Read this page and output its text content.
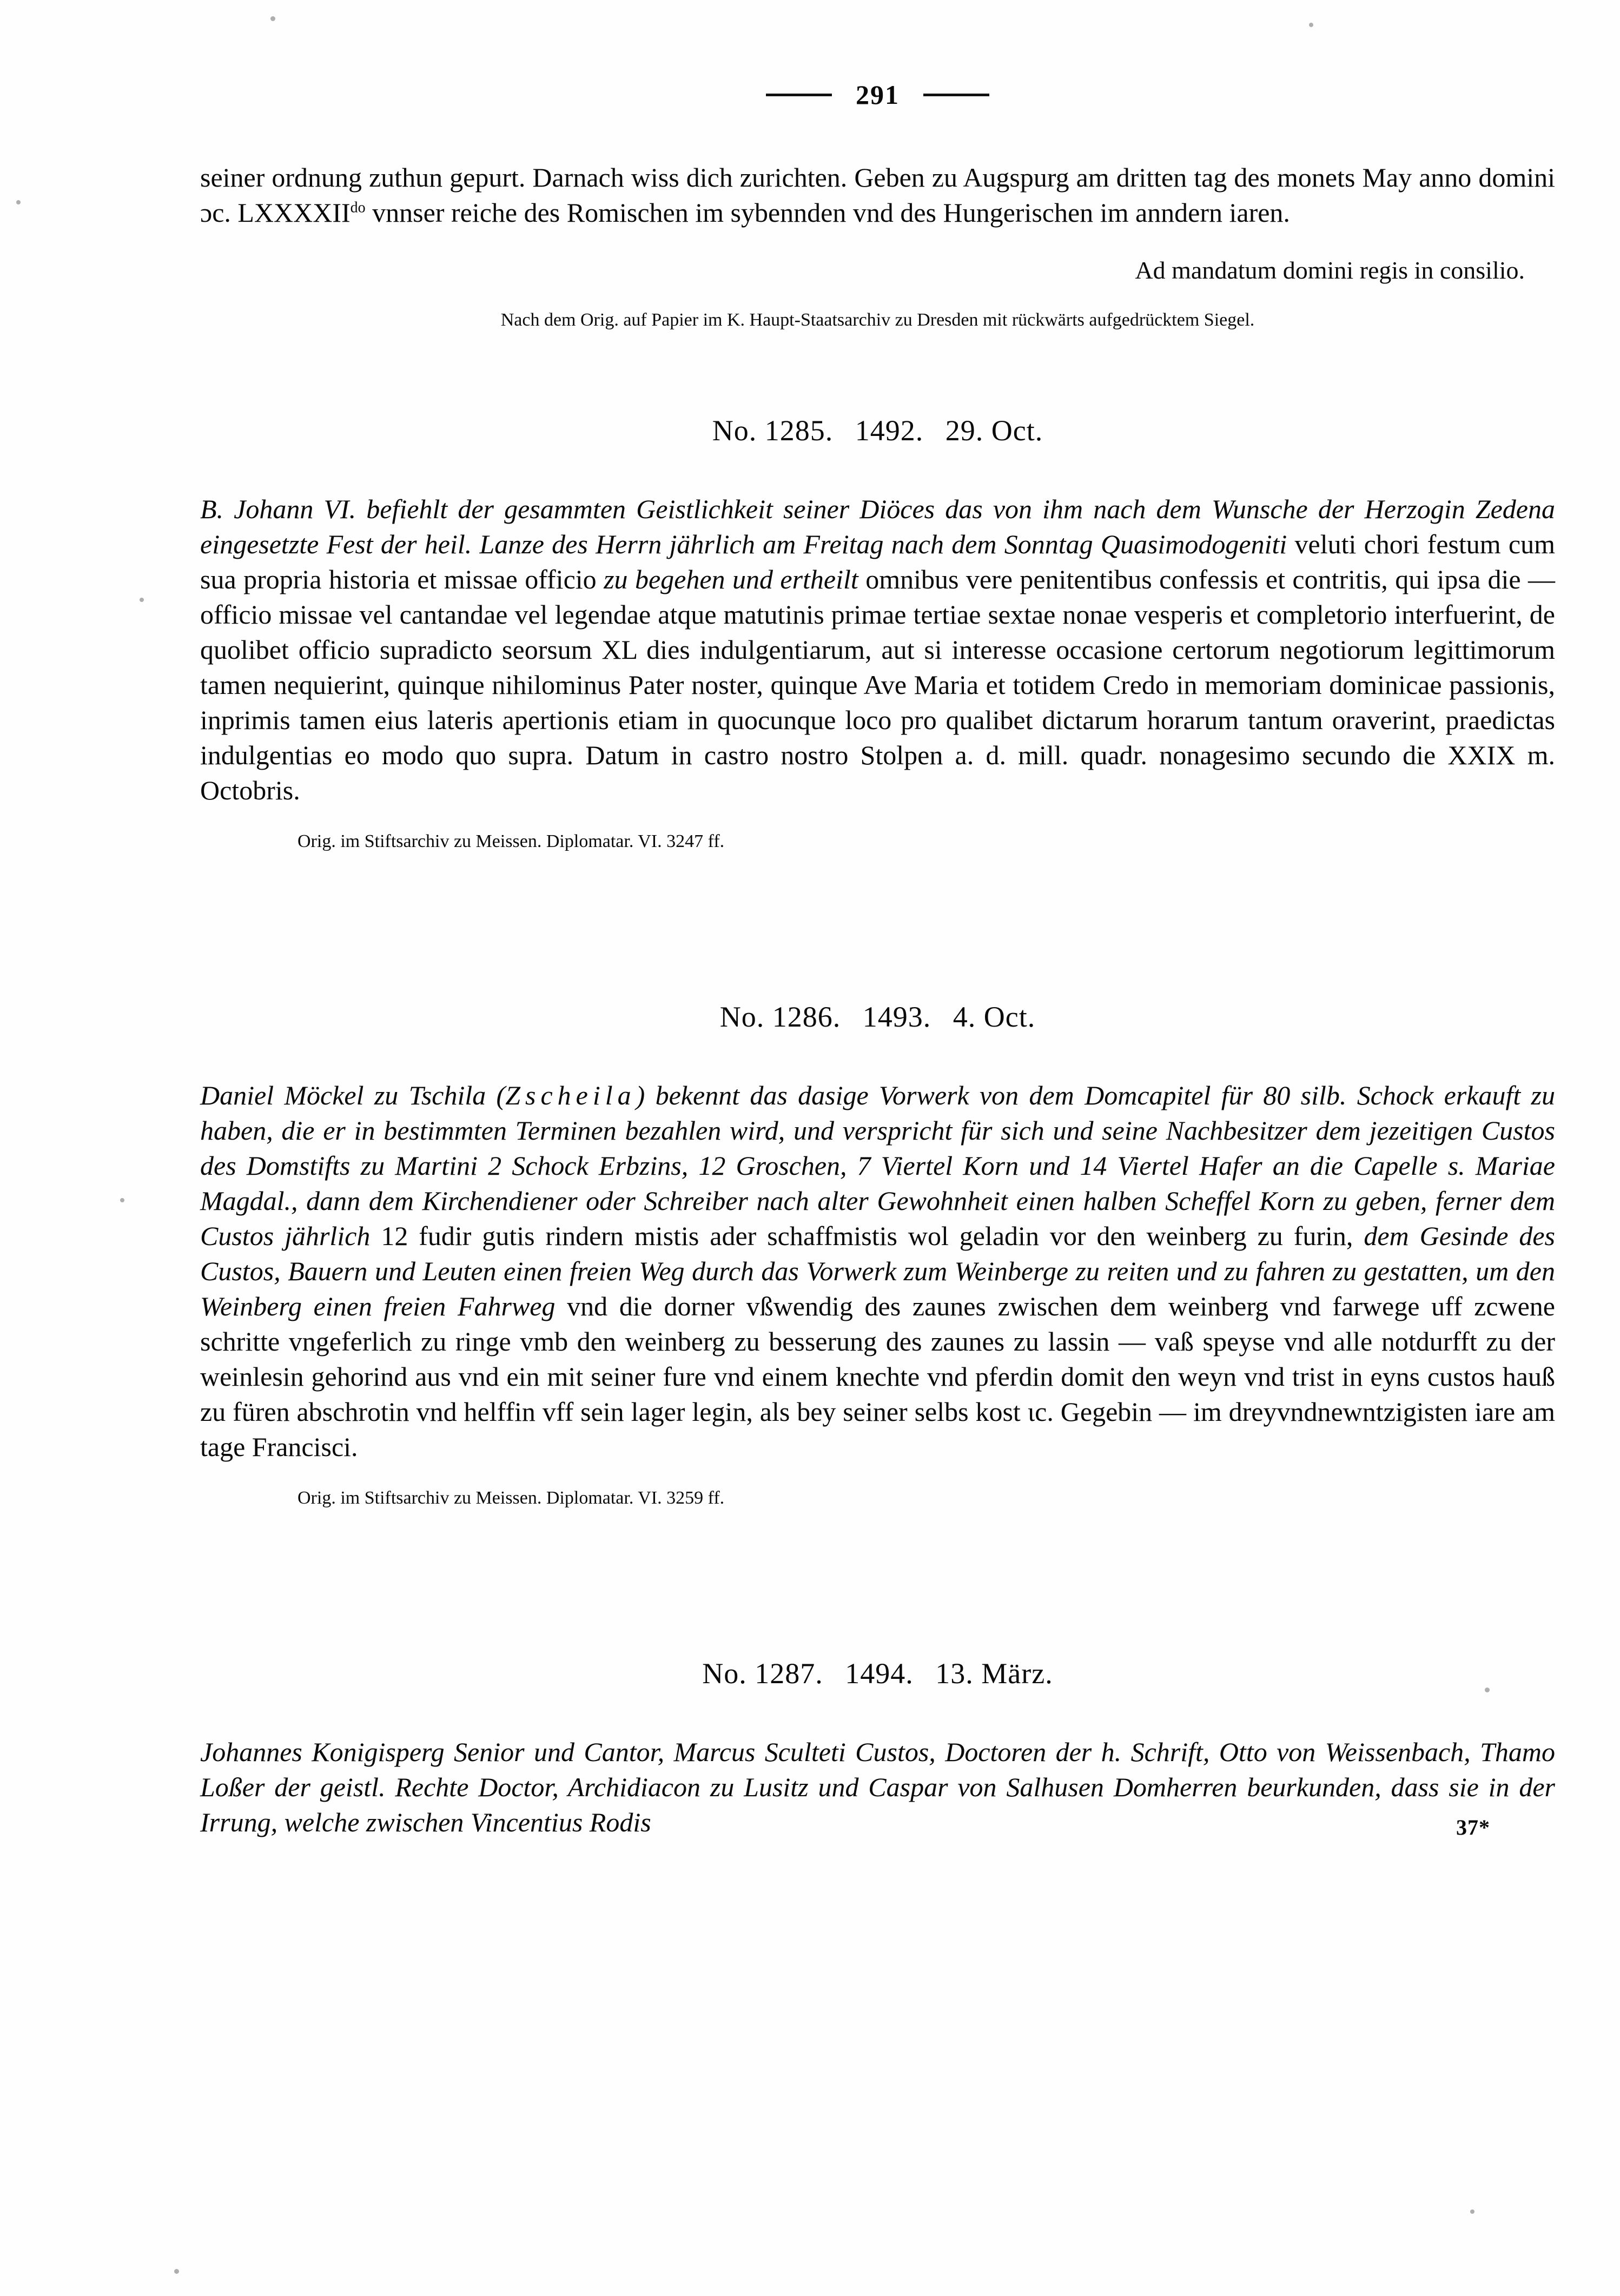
291

seiner ordnung zuthun gepurt. Darnach wiss dich zurichten. Geben zu Augspurg am dritten tag des monets May anno domini ɔc. $LXXXXII^{do}$ vnnser reiche des Romischen im sybennden vnd des Hungerischen im anndern iaren.

Ad mandatum domini regis in consilio.

Nach dem Orig. auf Papier im K. Haupt-Staatsarchiv zu Dresden mit rückwärts aufgedrücktem Siegel.

No. 1285. 1492. 29. Oct.

B. Johann VI. befiehlt der gesammten Geistlichkeit seiner Diöces das von ihm nach dem Wunsche der Herzogin Zedena eingesetzte Fest der heil. Lanze des Herrn jährlich am Freitag nach dem Sonntag Quasimodogeniti veluti chori festum cum sua propria historia et missae officio zu begehen und ertheilt omnibus vere penitentibus confessis et contritis, qui ipsa die — officio missae vel cantandae vel legendae atque matutinis primae tertiae sextae nonae vesperis et completorio interfuerint, de quolibet officio supradicto seorsum XL dies indulgentiarum, aut si interesse occasione certorum negotiorum legittimorum tamen nequierint, quinque nihilominus Pater noster, quinque Ave Maria et totidem Credo in memoriam dominicae passionis, inprimis tamen eius lateris apertionis etiam in quocunque loco pro qualibet dictarum horarum tantum oraverint, praedictas indulgentias eo modo quo supra. Datum in castro nostro Stolpen a. d. mill. quadr. nonagesimo secundo die XXIX m. Octobris.

Orig. im Stiftsarchiv zu Meissen. Diplomatar. VI. 3247 ff.

No. 1286. 1493. 4. Oct.

Daniel Möckel zu Tschila (Zscheila) bekennt das dasige Vorwerk von dem Domcapitel für 80 silb. Schock erkauft zu haben, die er in bestimmten Terminen bezahlen wird, und verspricht für sich und seine Nachbesitzer dem jezeitigen Custos des Domstifts zu Martini 2 Schock Erbzins, 12 Groschen, 7 Viertel Korn und 14 Viertel Hafer an die Capelle s. Mariae Magdal., dann dem Kirchendiener oder Schreiber nach alter Gewohnheit einen halben Scheffel Korn zu geben, ferner dem Custos jährlich 12 fudir gutis rindern mistis ader schaffmistis wol geladin vor den weinberg zu furin, dem Gesinde des Custos, Bauern und Leuten einen freien Weg durch das Vorwerk zum Weinberge zu reiten und zu fahren zu gestatten, um den Weinberg einen freien Fahrweg vnd die dorner vßwendig des zaunes zwischen dem weinberg vnd farwege uff zcwene schritte vngeferlich zu ringe vmb den weinberg zu besserung des zaunes zu lassin — vaß speyse vnd alle notdurfft zu der weinlesin gehorind aus vnd ein mit seiner fure vnd einem knechte vnd pferdin domit den weyn vnd trist in eyns custos hauß zu füren abschrotin vnd helffin vff sein lager legin, als bey seiner selbs kost ɩc. Gegebin — im dreyvndnewntzigisten iare am tage Francisci.

Orig. im Stiftsarchiv zu Meissen. Diplomatar. VI. 3259 ff.

No. 1287. 1494. 13. März.

Johannes Konigisperg Senior und Cantor, Marcus Sculteti Custos, Doctoren der h. Schrift, Otto von Weissenbach, Thamo Loßer der geistl. Rechte Doctor, Archidiacon zu Lusitz und Caspar von Salhusen Domherren beurkunden, dass sie in der Irrung, welche zwischen Vincentius Rodis	37*
